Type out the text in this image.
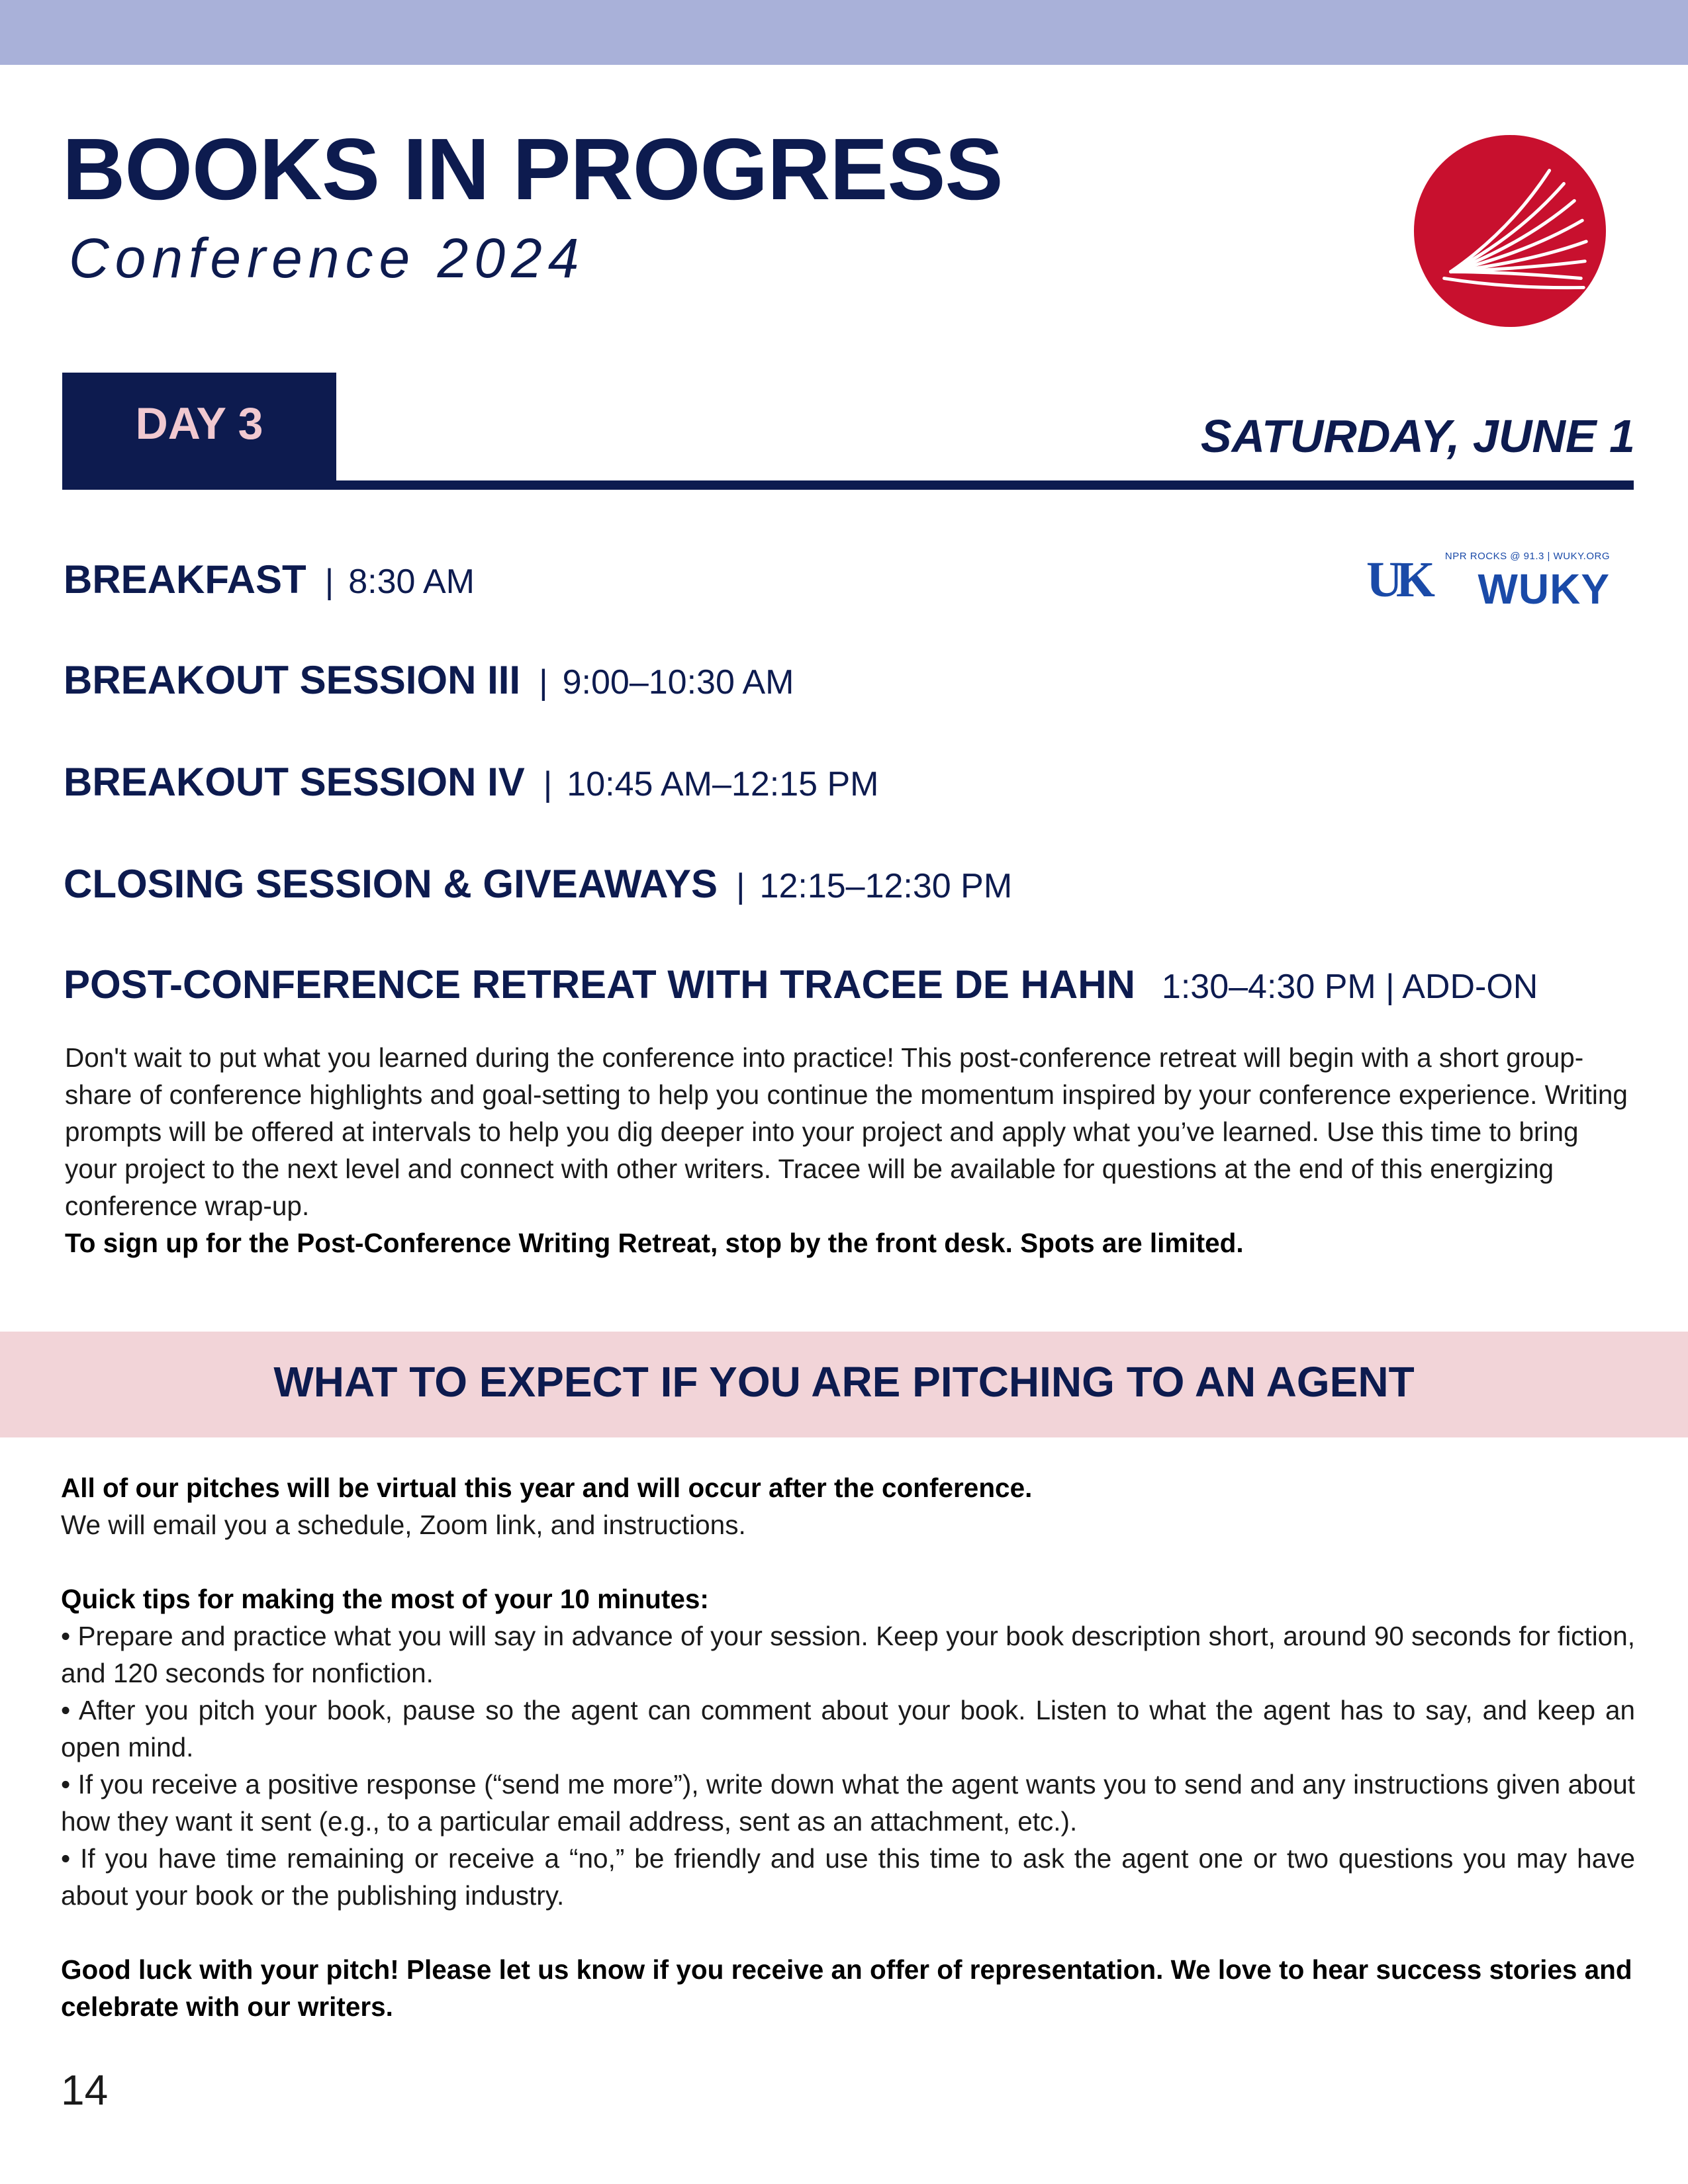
BOOKS IN PROGRESS
Conference 2024
DAY 3	SATURDAY, JUNE 1
NPR ROCKS @ 91.3 | WUKY.ORG
UK WUKY
BREAKFAST | 8:30 AM
BREAKOUT SESSION III | 9:00–10:30 AM
BREAKOUT SESSION IV | 10:45 AM–12:15 PM
CLOSING SESSION & GIVEAWAYS | 12:15–12:30 PM
POST-CONFERENCE RETREAT WITH TRACEE DE HAHN 1:30–4:30 PM | ADD-ON
Don't wait to put what you learned during the conference into practice! This post-conference retreat will begin with a short group-share of conference highlights and goal-setting to help you continue the momentum inspired by your conference experience. Writing prompts will be offered at intervals to help you dig deeper into your project and apply what you’ve learned. Use this time to bring your project to the next level and connect with other writers. Tracee will be available for questions at the end of this energizing conference wrap-up.
To sign up for the Post-Conference Writing Retreat, stop by the front desk. Spots are limited.
WHAT TO EXPECT IF YOU ARE PITCHING TO AN AGENT
All of our pitches will be virtual this year and will occur after the conference.
We will email you a schedule, Zoom link, and instructions.
Quick tips for making the most of your 10 minutes:
• Prepare and practice what you will say in advance of your session. Keep your book description short, around 90 seconds for fiction, and 120 seconds for nonfiction.
• After you pitch your book, pause so the agent can comment about your book. Listen to what the agent has to say, and keep an open mind.
• If you receive a positive response (“send me more”), write down what the agent wants you to send and any instructions given about how they want it sent (e.g., to a particular email address, sent as an attachment, etc.).
• If you have time remaining or receive a “no,” be friendly and use this time to ask the agent one or two questions you may have about your book or the publishing industry.
Good luck with your pitch! Please let us know if you receive an offer of representation. We love to hear success stories and celebrate with our writers.
14
